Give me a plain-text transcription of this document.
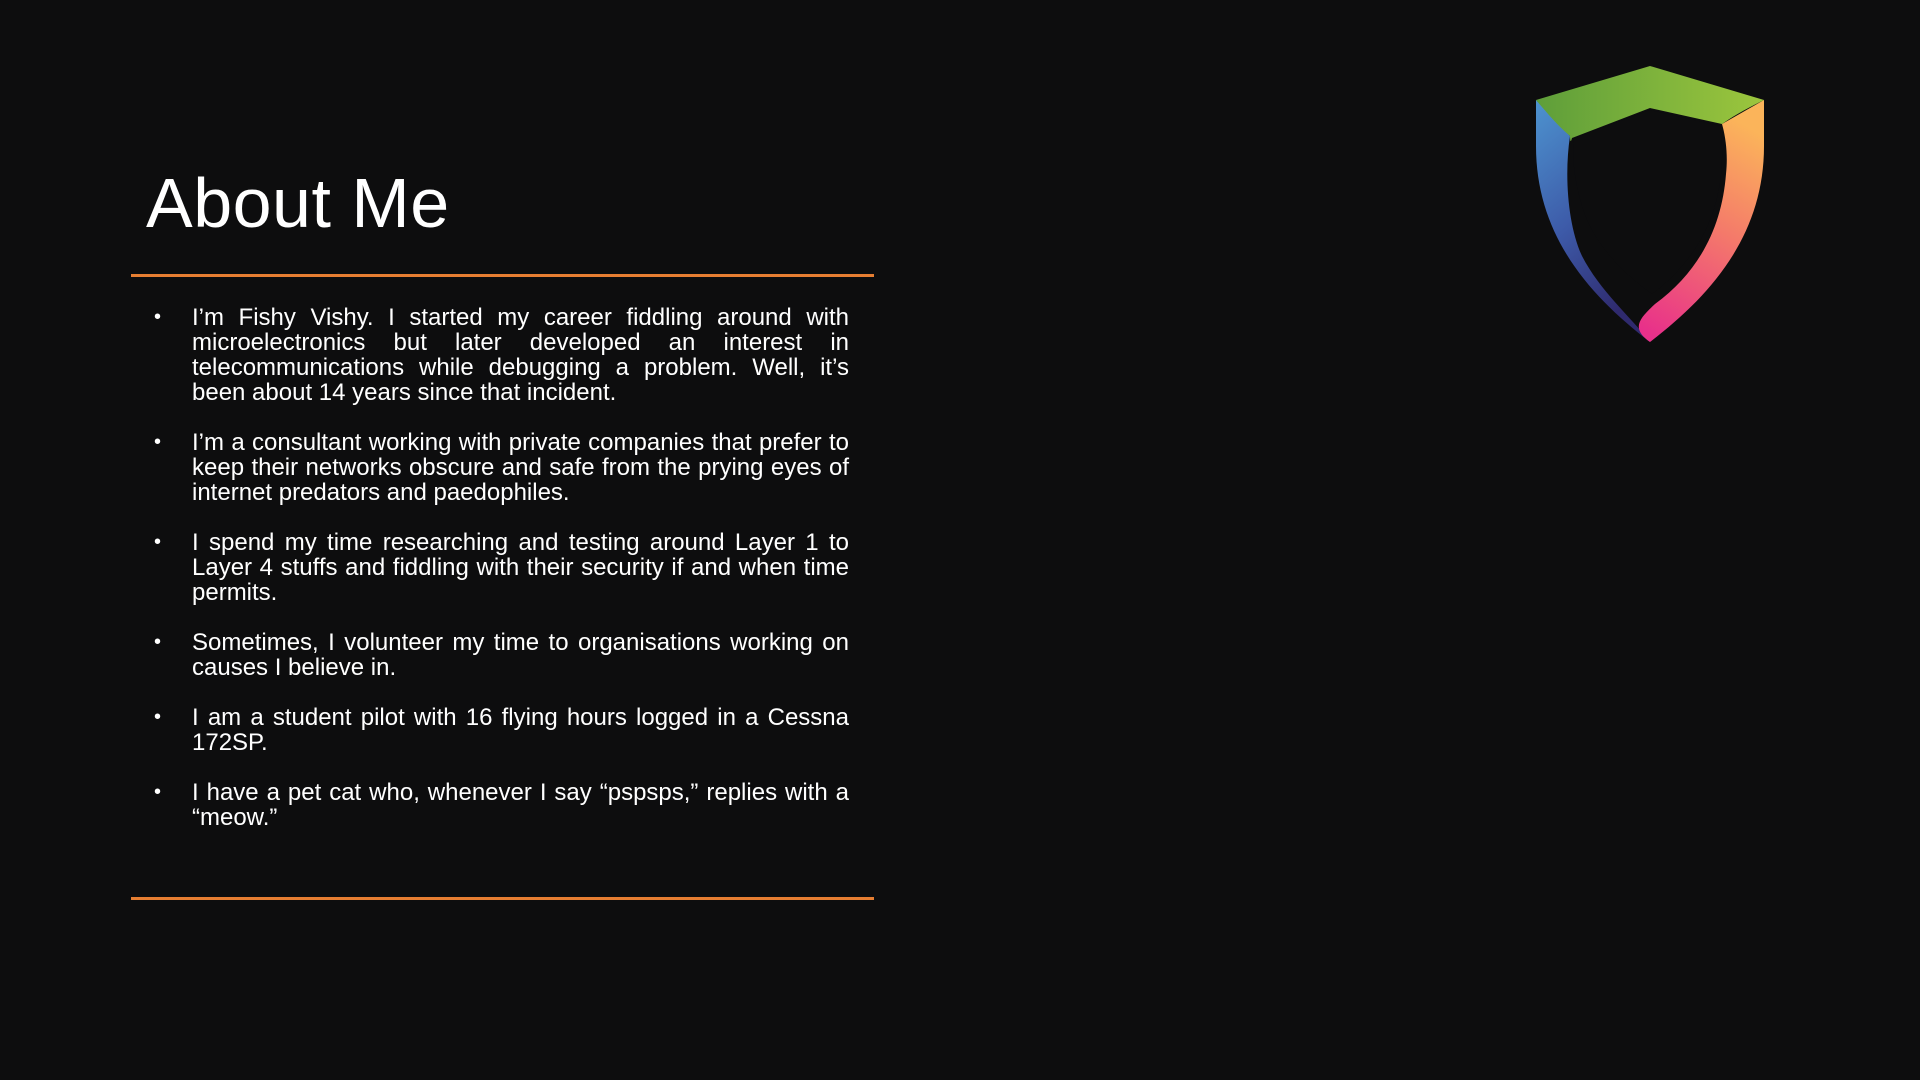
About Me
• I’m Fishy Vishy. I started my career fiddling around with microelectronics but later developed an interest in telecommunications while debugging a problem. Well, it’s been about 14 years since that incident.
• I’m a consultant working with private companies that prefer to keep their networks obscure and safe from the prying eyes of internet predators and paedophiles.
• I spend my time researching and testing around Layer 1 to Layer 4 stuffs and fiddling with their security if and when time permits.
• Sometimes, I volunteer my time to organisations working on causes I believe in.
• I am a student pilot with 16 flying hours logged in a Cessna 172SP.
• I have a pet cat who, whenever I say “pspsps,” replies with a “meow.”
